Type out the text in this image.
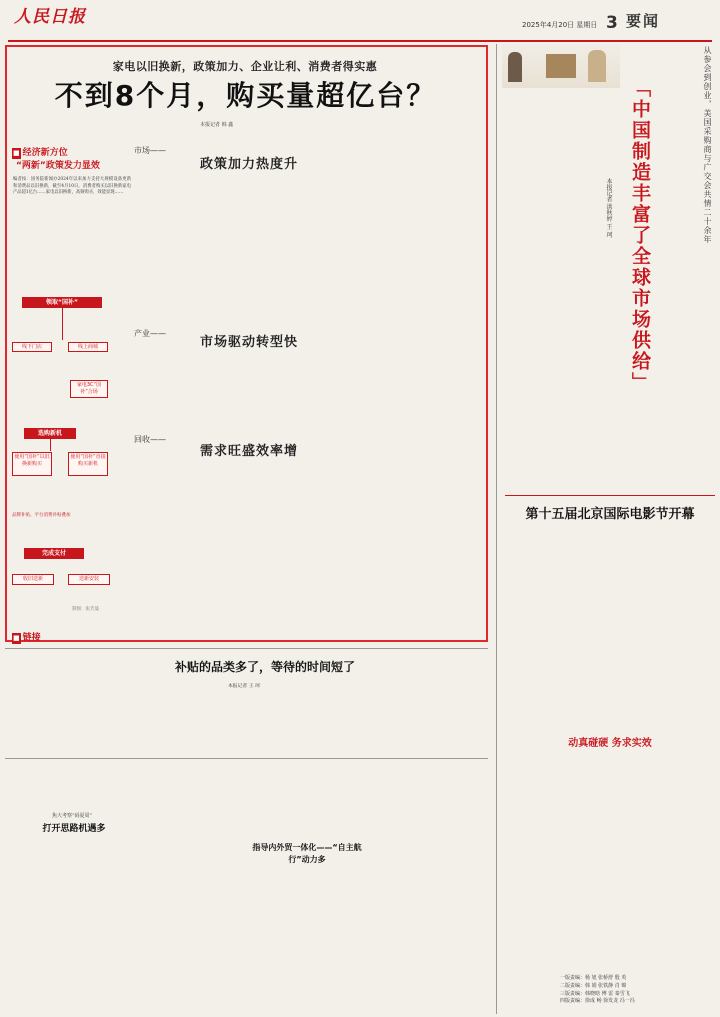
人民日报	2025年4月20日 星期日 3 要闻
家电以旧换新，政策加力、企业让利、消费者得实惠
不到8个月，购买量超亿台？
本报记者 韩 鑫
■ 经济新方位
“两新”政策发力显效
编者按：国务院新闻办2024年以来加力支持大规模设备更新和消费品以旧换新，截至4月10日，消费者购买以旧换新家电产品超1亿台……家电以旧换新，高频购买，效能显现……
领取“国补”
线下门店	线上商城
家电3C“国补”合场
选购新机
使用“国补”以旧换新购买
使用“国补”直接购买新机
品牌补贴、平台消费补贴叠加
完成支付
收旧送新	送新安装
制图：张芳曼
市场——
政策加力热度升
产业——
市场驱动转型快
回收——
需求旺盛效率增
■ 链接
补贴的品类多了，等待的时间短了
本报记者 王 珂
焦大考察“码夏周”
打开思路机遇多
指导内外贸一体化——“自主航行”动力多
从参会到创业，美国采购商与广交会共情二十余年
「中国制造丰富了全球市场供给」
本报记者 洪秋婷 王 珂
第十五届北京国际电影节开幕
动真碰硬 务求实效
一版责编：杨 旭 张桥舒 殷 英
二版责编：韩 娟 张铁静 肖 锦
三版责编：韩晓晗 傅 雷 秦雪飞
四版责编：徐成 畅 徐发龙 冯一冯
